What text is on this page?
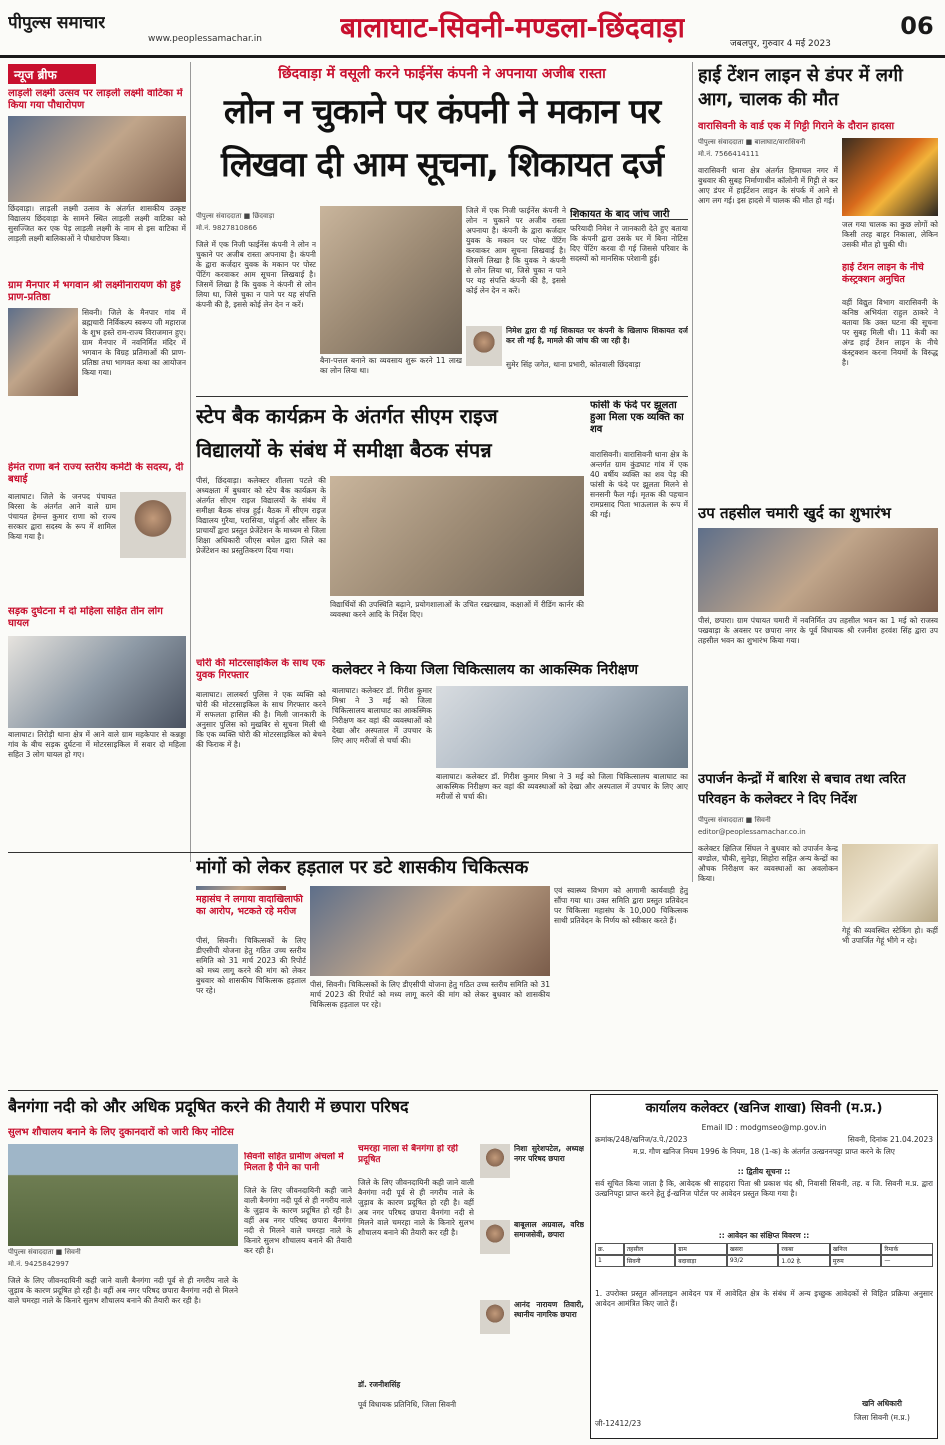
पीपुल्स समाचार
www.peoplessamachar.in	बालाघाट-सिवनी-मण्डला-छिंदवाड़ा	जबलपुर, गुरुवार 4 मई 2023
06
न्यूज ब्रीफ
लाड़ली लक्ष्मी उत्सव पर लाड़ली लक्ष्मी वाटिका में किया गया पौधारोपण
छिंदवाड़ा। लाड़ली लक्ष्मी उत्सव के अंतर्गत शासकीय उत्कृष्ट विद्यालय छिंदवाड़ा के सामने स्थित लाड़ली लक्ष्मी वाटिका को सुसज्जित कर एक पेड़ लाड़ली लक्ष्मी के नाम से इस वाटिका में लाड़ली लक्ष्मी बालिकाओं ने पौधारोपण किया।
ग्राम मैनपार में भगवान श्री लक्ष्मीनारायण की हुई प्राण-प्रतिष्ठा
सिवनी। जिले के मैनपार गांव में ब्रह्मचारी निर्विकल्प स्वरूप जी महाराज के शुभ हस्ते राम-राज्य विराजमान हुए। ग्राम मैनपार में नवनिर्मित मंदिर में भगवान के विग्रह प्रतिमाओं की प्राण-प्रतिष्ठा तथा भागवत कथा का आयोजन किया गया।
हेमंत राणा बने राज्य स्तरीय कमेटी के सदस्य, दी बधाई
बालाघाट। जिले के जनपद पंचायत बिरसा के अंतर्गत आने वाले ग्राम पंचायत हेमन्त कुमार राणा को राज्य सरकार द्वारा सदस्य के रूप में शामिल किया गया है।
सड़क दुर्घटना में दो महिला सहित तीन लोग घायल
बालाघाट। तिरोड़ी थाना क्षेत्र में आने वाले ग्राम महकेपार से कन्नड्डा गांव के बीच सड़क दुर्घटना में मोटरसाइकिल में सवार दो महिला सहित 3 लोग घायल हो गए।
छिंदवाड़ा में वसूली करने फाईनेंस कंपनी ने अपनाया अजीब रास्ता
लोन न चुकाने पर कंपनी ने मकान पर
लिखवा दी आम सूचना, शिकायत दर्ज
पीपुल्स संवाददाता ■ छिंदवाड़ा
मो.नं. 9827810866
जिले में एक निजी फाईनेंस कंपनी ने लोन न चुकाने पर अजीब रास्ता अपनाया है। कंपनी के द्वारा कर्जदार युवक के मकान पर पोस्ट पेंटिंग करवाकर आम सूचना लिखवाई है। जिसमें लिखा है कि युवक ने कंपनी से लोन लिया था, जिसे चुका न पाने पर यह संपत्ति कंपनी की है, इससे कोई लेन देन न करें।
बैना-पत्तल बनाने का व्यवसाय शुरू करने 11 लाख का लोन लिया था।
जिले में एक निजी फाईनेंस कंपनी ने लोन न चुकाने पर अजीब रास्ता अपनाया है। कंपनी के द्वारा कर्जदार युवक के मकान पर पोस्ट पेंटिंग करवाकर आम सूचना लिखवाई है। जिसमें लिखा है कि युवक ने कंपनी से लोन लिया था, जिसे चुका न पाने पर यह संपत्ति कंपनी की है, इससे कोई लेन देन न करें।
शिकायत के बाद जांच जारी
फरियादी निमेश ने जानकारी देते हुए बताया कि कंपनी द्वारा उसके घर में बिना नोटिस दिए पेंटिंग करवा दी गई जिससे परिवार के सदस्यों को मानसिक परेशानी हुई।
निमेश द्वारा दी गई शिकायत पर कंपनी के खिलाफ शिकायत दर्ज कर ली गई है, मामले की जांच की जा रही है।
सुमेर सिंह जगेत, थाना प्रभारी, कोतवाली छिंदवाड़ा
हाई टेंशन लाइन से डंपर में लगी आग, चालक की मौत
वारासिवनी के वार्ड एक में गिट्टी गिराने के दौरान हादसा
पीपुल्स संवाददाता ■ बालाघाट/वारासिवनी
मो.नं. 7566414111
वारासिवनी थाना क्षेत्र अंतर्गत हिमाचल नगर में बुधवार की सुबह निर्माणाधीन कॉलोनी में गिट्टी ले कर आए डंपर में हाईटेंशन लाइन के संपर्क में आने से आग लग गई। इस हादसे में चालक की मौत हो गई।
जल गया चालक का कुछ लोगों को किसी तरह बाहर निकाला, लेकिन उसकी मौत हो चुकी थी।
हाई टेंशन लाइन के नीचे कंस्ट्रक्शन अनुचित
वहीं विद्युत विभाग वारासिवनी के कनिष्ठ अभियंता राहुल ठाकरे ने बताया कि उक्त घटना की सूचना पर सुबह मिली थी। 11 केवी का अंग्ड हाई टेंशन लाइन के नीचे कंस्ट्रक्शन करना नियमों के विरुद्ध है।
स्टेप बैक कार्यक्रम के अंतर्गत सीएम राइज
विद्यालयों के संबंध में समीक्षा बैठक संपन्न
पीसं, छिंदवाड़ा। कलेक्टर शीतला पटले की अध्यक्षता में बुधवार को स्टेप बैक कार्यक्रम के अंतर्गत सीएम राइज विद्यालयों के संबंध में समीक्षा बैठक संपन्न हुई। बैठक में सीएम राइज विद्यालय गुरैया, परासिया, पांढुर्ना और सौंसर के प्राचार्यों द्वारा प्रस्तुत प्रेजेंटेशन के माध्यम से जिला शिक्षा अधिकारी जीएस बघेल द्वारा जिले का प्रेजेंटेशन का प्रस्तुतिकरण दिया गया।
विद्यार्थियों की उपस्थिति बढ़ाने, प्रयोगशालाओं के उचित रखरखाव, कक्षाओं में रीडिंग कार्नर की व्यवस्था करने आदि के निर्देश दिए।
चोरी की मोटरसाइकिल के साथ एक युवक गिरफ्तार
बालाघाट। लालबर्रा पुलिस ने एक व्यक्ति को चोरी की मोटरसाइकिल के साथ गिरफ्तार करने में सफलता हासिल की है। मिली जानकारी के अनुसार पुलिस को मुखबिर से सूचना मिली थी कि एक व्यक्ति चोरी की मोटरसाइकिल को बेचने की फिराक में है।
फांसी के फंदे पर झूलता हुआ मिला एक व्यक्ति का शव
वारासिवनी। वारासिवनी थाना क्षेत्र के अन्तर्गत ग्राम कुंडघाट गांव में एक 40 वर्षीय व्यक्ति का शव पेड़ की फांसी के फंदे पर झूलता मिलने से सनसनी फैल गई। मृतक की पहचान रामप्रसाद पिता भाऊलाल के रूप में की गई।	उप तहसील चमारी खुर्द का शुभारंभ
पीसं, छपारा। ग्राम पंचायत चमारी में नवनिर्मित उप तहसील भवन का 1 मई को राजस्व पखवाड़ा के अवसर पर छपारा नगर के पूर्व विधायक श्री रजनीश हरवंश सिंह द्वारा उप तहसील भवन का शुभारंभ किया गया।
कलेक्टर ने किया जिला चिकित्सालय का आकस्मिक निरीक्षण
बालाघाट। कलेक्टर डॉ. गिरीश कुमार मिश्रा ने 3 मई को जिला चिकित्सालय बालाघाट का आकस्मिक निरीक्षण कर वहां की व्यवस्थाओं को देखा और अस्पताल में उपचार के लिए आए मरीजों से चर्चा की।
बालाघाट। कलेक्टर डॉ. गिरीश कुमार मिश्रा ने 3 मई को जिला चिकित्सालय बालाघाट का आकस्मिक निरीक्षण कर वहां की व्यवस्थाओं को देखा और अस्पताल में उपचार के लिए आए मरीजों से चर्चा की।
उपार्जन केन्द्रों में बारिश से बचाव तथा त्वरित परिवहन के कलेक्टर ने दिए निर्देश
पीपुल्स संवाददाता ■ सिवनी
editor@peoplessamachar.co.in
मांगों को लेकर हड़ताल पर डटे शासकीय चिकित्सक
महासंघ ने लगाया वादाखिलाफी का आरोप, भटकते रहे मरीज
पीसं, सिवनी। चिकित्सकों के लिए डीएसीपी योजना हेतु गठित उच्च स्तरीय समिति को 31 मार्च 2023 की रिपोर्ट को मध्य लागू करने की मांग को लेकर बुधवार को शासकीय चिकित्सक हड़ताल पर रहे।
पीसं, सिवनी। चिकित्सकों के लिए डीएसीपी योजना हेतु गठित उच्च स्तरीय समिति को 31 मार्च 2023 की रिपोर्ट को मध्य लागू करने की मांग को लेकर बुधवार को शासकीय चिकित्सक हड़ताल पर रहे।
एवं स्वास्थ्य विभाग को आगामी कार्यवाही हेतु सौंपा गया था। उक्त समिति द्वारा प्रस्तुत प्रतिवेदन पर चिकित्सा महासंघ के 10,000 चिकित्सक साथी प्रतिवेदन के निर्णय को स्वीकार करते हैं।
कलेक्टर क्षितिज सिंघल ने बुधवार को उपार्जन केन्द्र बण्डोल, चौकी, सुनेड़ा, सिहोरा सहित अन्य केन्द्रों का औचक निरीक्षण कर व्यवस्थाओं का अवलोकन किया।
गेहूं की व्यवस्थित स्टेकिंग हो। कहीं भी उपार्जित गेहूं भीगे न रहे।
बैनगंगा नदी को और अधिक प्रदूषित करने की तैयारी में छपारा परिषद
सुलभ शौचालय बनाने के लिए दुकानदारों को जारी किए नोटिस
पीपुल्स संवाददाता ■ सिवनी
मो.नं. 9425842997
जिले के लिए जीवनदायिनी कही जाने वाली बैनगंगा नदी पूर्व से ही नगरीय नाले के जुड़ाव के कारण प्रदूषित हो रही है। वहीं अब नगर परिषद छपारा बैनगंगा नदी से मिलने वाले चमरहा नाले के किनारे सुलभ शौचालय बनाने की तैयारी कर रही है।
सिवनी सहित ग्रामीण अंचलों में मिलता है पीने का पानी
जिले के लिए जीवनदायिनी कही जाने वाली बैनगंगा नदी पूर्व से ही नगरीय नाले के जुड़ाव के कारण प्रदूषित हो रही है। वहीं अब नगर परिषद छपारा बैनगंगा नदी से मिलने वाले चमरहा नाले के किनारे सुलभ शौचालय बनाने की तैयारी कर रही है।
चमरहा नाला से बैनगंगा हो रही प्रदूषित
जिले के लिए जीवनदायिनी कही जाने वाली बैनगंगा नदी पूर्व से ही नगरीय नाले के जुड़ाव के कारण प्रदूषित हो रही है। वहीं अब नगर परिषद छपारा बैनगंगा नदी से मिलने वाले चमरहा नाले के किनारे सुलभ शौचालय बनाने की तैयारी कर रही है।
डॉ. रजनीशसिंह
पूर्व विधायक प्रतिनिधि, जिला सिवनी
निशा सुरेशपटेल, अध्यक्ष नगर परिषद छपारा
बाबूलाल अग्रवाल, वरिष्ठ समाजसेवी, छपारा
आनंद नारायण तिवारी, स्थानीय नागरिक छपारा
कार्यालय कलेक्टर (खनिज शाखा) सिवनी (म.प्र.)
Email ID : modgmseo@mp.gov.in
क्रमांक/248/खनिज/उ.पे./2023	सिवनी, दिनांक 21.04.2023
म.प्र. गौण खनिज नियम 1996 के नियम, 18 (1-क) के अंतर्गत उत्खननपट्टा प्राप्त करने के लिए
:: द्वितीय सूचना ::
सर्व सूचित किया जाता है कि, आवेदक श्री साहदारा पिता श्री प्रकाश चंद श्री, निवासी सिवनी, तह. व जि. सिवनी म.प्र. द्वारा उत्खनिपट्टा प्राप्त करने हेतु ई-खनिज पोर्टल पर आवेदन प्रस्तुत किया गया है।
:: आवेदन का संक्षिप्त विवरण ::
क्र.	तहसील	ग्राम	खसरा	रकबा	खनिज	रिमार्क
1	सिवनी	बदावाड़ा	93/2	1.02 हे.	मुरुम	—
1. उपरोक्त प्रस्तुत ऑनलाइन आवेदन पत्र में आवेदित क्षेत्र के संबंध में अन्य इच्छुक आवेदकों से विहित प्रक्रिया अनुसार आवेदन आमंत्रित किए जाते हैं।
जी-12412/23
खनि अधिकारी
जिला सिवनी (म.प्र.)
